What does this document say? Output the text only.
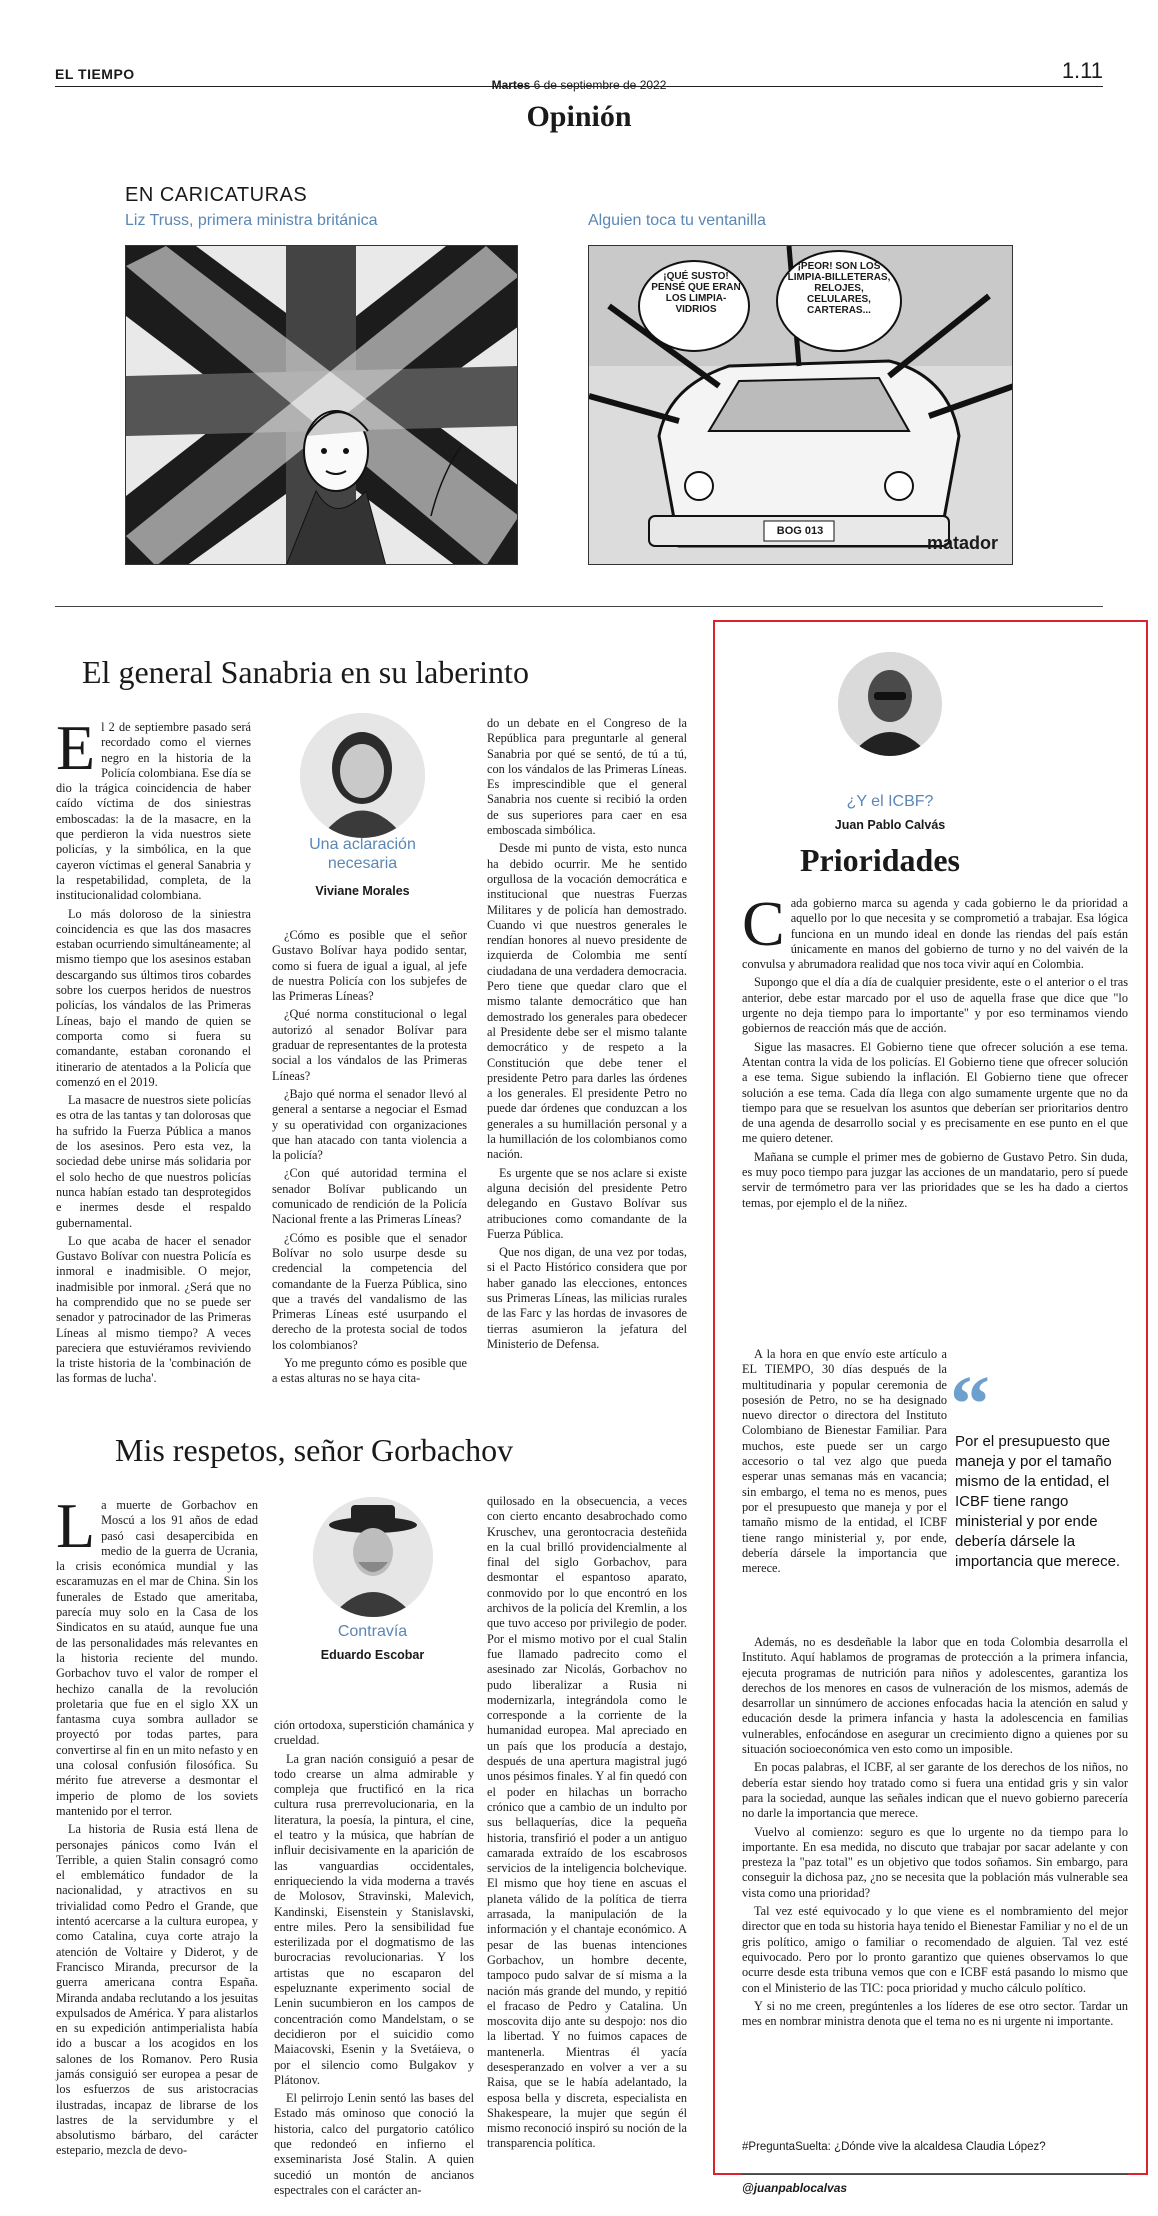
EL TIEMPO
Martes 6 de septiembre de 2022
1.11
Opinión
EN CARICATURAS
Liz Truss, primera ministra británica	Alguien toca tu ventanilla
¡QUÉ SUSTO! PENSÉ QUE ERAN LOS LIMPIA-VIDRIOS
¡PEOR! SON LOS LIMPIA-BILLETERAS, RELOJES, CELULARES, CARTERAS...
BOG 013
matador
El general Sanabria en su laberinto

El 2 de septiembre pasado será recordado como el viernes negro en la historia de la Policía colombiana. Ese día se dio la trágica coincidencia de haber caído víctima de dos siniestras emboscadas: la de la masacre, en la que perdieron la vida nuestros siete policías, y la simbólica, en la que cayeron víctimas el general Sanabria y la respetabilidad, completa, de la institucionalidad colombiana.

Lo más doloroso de la siniestra coincidencia es que las dos masacres estaban ocurriendo simultáneamente; al mismo tiempo que los asesinos estaban descargando sus últimos tiros cobardes sobre los cuerpos heridos de nuestros policías, los vándalos de las Primeras Líneas, bajo el mando de quien se comporta como si fuera su comandante, estaban coronando el itinerario de atentados a la Policía que comenzó en el 2019.

La masacre de nuestros siete policías es otra de las tantas y tan dolorosas que ha sufrido la Fuerza Pública a manos de los asesinos. Pero esta vez, la sociedad debe unirse más solidaria por el solo hecho de que nuestros policías nunca habían estado tan desprotegidos e inermes desde el respaldo gubernamental.

Lo que acaba de hacer el senador Gustavo Bolívar con nuestra Policía es inmoral e inadmisible. O mejor, inadmisible por inmoral. ¿Será que no ha comprendido que no se puede ser senador y patrocinador de las Primeras Líneas al mismo tiempo? A veces pareciera que estuviéramos reviviendo la triste historia de la 'combinación de las formas de lucha'.

Una aclaración necesaria
Viviane Morales

¿Cómo es posible que el señor Gustavo Bolívar haya podido sentar, como si fuera de igual a igual, al jefe de nuestra Policía con los subjefes de las Primeras Líneas?

¿Qué norma constitucional o legal autorizó al senador Bolívar para graduar de representantes de la protesta social a los vándalos de las Primeras Líneas?

¿Bajo qué norma el senador llevó al general a sentarse a negociar el Esmad y su operatividad con organizaciones que han atacado con tanta violencia a la policía?

¿Con qué autoridad termina el senador Bolívar publicando un comunicado de rendición de la Policía Nacional frente a las Primeras Líneas?

¿Cómo es posible que el senador Bolívar no solo usurpe desde su credencial la competencia del comandante de la Fuerza Pública, sino que a través del vandalismo de las Primeras Líneas esté usurpando el derecho de la protesta social de todos los colombianos?

Yo me pregunto cómo es posible que a estas alturas no se haya cita-

do un debate en el Congreso de la República para preguntarle al general Sanabria por qué se sentó, de tú a tú, con los vándalos de las Primeras Líneas. Es imprescindible que el general Sanabria nos cuente si recibió la orden de sus superiores para caer en esa emboscada simbólica.

Desde mi punto de vista, esto nunca ha debido ocurrir. Me he sentido orgullosa de la vocación democrática e institucional que nuestras Fuerzas Militares y de policía han demostrado. Cuando vi que nuestros generales le rendían honores al nuevo presidente de izquierda de Colombia me sentí ciudadana de una verdadera democracia. Pero tiene que quedar claro que el mismo talante democrático que han demostrado los generales para obedecer al Presidente debe ser el mismo talante democrático y de respeto a la Constitución que debe tener el presidente Petro para darles las órdenes a los generales. El presidente Petro no puede dar órdenes que conduzcan a los generales a su humillación personal y a la humillación de los colombianos como nación.

Es urgente que se nos aclare si existe alguna decisión del presidente Petro delegando en Gustavo Bolívar sus atribuciones como comandante de la Fuerza Pública.

Que nos digan, de una vez por todas, si el Pacto Histórico considera que por haber ganado las elecciones, entonces sus Primeras Líneas, las milicias rurales de las Farc y las hordas de invasores de tierras asumieron la jefatura del Ministerio de Defensa.

Mis respetos, señor Gorbachov

La muerte de Gorbachov en Moscú a los 91 años de edad pasó casi desapercibida en medio de la guerra de Ucrania, la crisis económica mundial y las escaramuzas en el mar de China. Sin los funerales de Estado que ameritaba, parecía muy solo en la Casa de los Sindicatos en su ataúd, aunque fue una de las personalidades más relevantes en la historia reciente del mundo. Gorbachov tuvo el valor de romper el hechizo canalla de la revolución proletaria que fue en el siglo XX un fantasma cuya sombra aullador se proyectó por todas partes, para convertirse al fin en un mito nefasto y en una colosal confusión filosófica. Su mérito fue atreverse a desmontar el imperio de plomo de los soviets mantenido por el terror.

La historia de Rusia está llena de personajes pánicos como Iván el Terrible, a quien Stalin consagró como el emblemático fundador de la nacionalidad, y atractivos en su trivialidad como Pedro el Grande, que intentó acercarse a la cultura europea, y como Catalina, cuya corte atrajo la atención de Voltaire y Diderot, y de Francisco Miranda, precursor de la guerra americana contra España. Miranda andaba reclutando a los jesuitas expulsados de América. Y para alistarlos en su expedición antimperialista había ido a buscar a los acogidos en los salones de los Romanov. Pero Rusia jamás consiguió ser europea a pesar de los esfuerzos de sus aristocracias ilustradas, incapaz de librarse de los lastres de la servidumbre y el absolutismo bárbaro, del carácter estepario, mezcla de devo-

Contravía
Eduardo Escobar

ción ortodoxa, superstición chamánica y crueldad.

La gran nación consiguió a pesar de todo crearse un alma admirable y compleja que fructificó en la rica cultura rusa prerrevolucionaria, en la literatura, la poesía, la pintura, el cine, el teatro y la música, que habrían de influir decisivamente en la aparición de las vanguardias occidentales, enriqueciendo la vida moderna a través de Molosov, Stravinski, Malevich, Kandinski, Eisenstein y Stanislavski, entre miles. Pero la sensibilidad fue esterilizada por el dogmatismo de las burocracias revolucionarias. Y los artistas que no escaparon del espeluznante experimento social de Lenin sucumbieron en los campos de concentración como Mandelstam, o se decidieron por el suicidio como Maiacovski, Esenin y la Svetáieva, o por el silencio como Bulgakov y Plátonov.

El pelirrojo Lenin sentó las bases del Estado más ominoso que conoció la historia, calco del purgatorio católico que redondeó en infierno el exseminarista José Stalin. A quien sucedió un montón de ancianos espectrales con el carácter an-

quilosado en la obsecuencia, a veces con cierto encanto desabrochado como Kruschev, una gerontocracia desteñida en la cual brilló providencialmente al final del siglo Gorbachov, para desmontar el espantoso aparato, conmovido por lo que encontró en los archivos de la policía del Kremlin, a los que tuvo acceso por privilegio de poder. Por el mismo motivo por el cual Stalin fue llamado padrecito como el asesinado zar Nicolás, Gorbachov no pudo liberalizar a Rusia ni modernizarla, integrándola como le corresponde a la corriente de la humanidad europea. Mal apreciado en un país que los producía a destajo, después de una apertura magistral jugó unos pésimos finales. Y al fin quedó con el poder en hilachas un borracho crónico que a cambio de un indulto por sus bellaquerías, dice la pequeña historia, transfirió el poder a un antiguo camarada extraído de los escabrosos servicios de la inteligencia bolchevique. El mismo que hoy tiene en ascuas el planeta válido de la política de tierra arrasada, la manipulación de la información y el chantaje económico. A pesar de las buenas intenciones Gorbachov, un hombre decente, tampoco pudo salvar de sí misma a la nación más grande del mundo, y repitió el fracaso de Pedro y Catalina. Un moscovita dijo ante su despojo: nos dio la libertad. Y no fuimos capaces de mantenerla. Mientras él yacía desesperanzado en volver a ver a su Raisa, que se le había adelantado, la esposa bella y discreta, especialista en Shakespeare, la mujer que según él mismo reconoció inspiró su noción de la transparencia política.

¿Y el ICBF?
Juan Pablo Calvás
Prioridades

Cada gobierno marca su agenda y cada gobierno le da prioridad a aquello por lo que necesita y se comprometió a trabajar. Esa lógica funciona en un mundo ideal en donde las riendas del país están únicamente en manos del gobierno de turno y no del vaivén de la convulsa y abrumadora realidad que nos toca vivir aquí en Colombia.

Supongo que el día a día de cualquier presidente, este o el anterior o el tras anterior, debe estar marcado por el uso de aquella frase que dice que "lo urgente no deja tiempo para lo importante" y por eso terminamos viendo gobiernos de reacción más que de acción.

Sigue las masacres. El Gobierno tiene que ofrecer solución a ese tema. Atentan contra la vida de los policías. El Gobierno tiene que ofrecer solución a ese tema. Sigue subiendo la inflación. El Gobierno tiene que ofrecer solución a ese tema. Cada día llega con algo sumamente urgente que no da tiempo para que se resuelvan los asuntos que deberían ser prioritarios dentro de una agenda de desarrollo social y es precisamente en ese punto en el que me quiero detener.

Mañana se cumple el primer mes de gobierno de Gustavo Petro. Sin duda, es muy poco tiempo para juzgar las acciones de un mandatario, pero sí puede servir de termómetro para ver las prioridades que se les ha dado a ciertos temas, por ejemplo el de la niñez.

A la hora en que envío este artículo a EL TIEMPO, 30 días después de la multitudinaria y popular ceremonia de posesión de Petro, no se ha designado nuevo director o directora del Instituto Colombiano de Bienestar Familiar. Para muchos, este puede ser un cargo accesorio o tal vez algo que pueda esperar unas semanas más en vacancia; sin embargo, el tema no es menos, pues por el presupuesto que maneja y por el tamaño mismo de la entidad, el ICBF tiene rango ministerial y, por ende, debería dársele la importancia que merece.

“
Por el presupuesto que maneja y por el tamaño mismo de la entidad, el ICBF tiene rango ministerial y por ende debería dársele la importancia que merece.

Además, no es desdeñable la labor que en toda Colombia desarrolla el Instituto. Aquí hablamos de programas de protección a la primera infancia, ejecuta programas de nutrición para niños y adolescentes, garantiza los derechos de los menores en casos de vulneración de los mismos, además de desarrollar un sinnúmero de acciones enfocadas hacia la atención en salud y educación desde la primera infancia y hasta la adolescencia en familias vulnerables, enfocándose en asegurar un crecimiento digno a quienes por su situación socioeconómica ven esto como un imposible.

En pocas palabras, el ICBF, al ser garante de los derechos de los niños, no debería estar siendo hoy tratado como si fuera una entidad gris y sin valor para la sociedad, aunque las señales indican que el nuevo gobierno parecería no darle la importancia que merece.

Vuelvo al comienzo: seguro es que lo urgente no da tiempo para lo importante. En esa medida, no discuto que trabajar por sacar adelante y con presteza la "paz total" es un objetivo que todos soñamos. Sin embargo, para conseguir la dichosa paz, ¿no se necesita que la población más vulnerable sea vista como una prioridad?

Tal vez esté equivocado y lo que viene es el nombramiento del mejor director que en toda su historia haya tenido el Bienestar Familiar y no el de un gris político, amigo o familiar o recomendado de alguien. Tal vez esté equivocado. Pero por lo pronto garantizo que quienes observamos lo que ocurre desde esta tribuna vemos que con e ICBF está pasando lo mismo que con el Ministerio de las TIC: poca prioridad y mucho cálculo político.

Y si no me creen, pregúntenles a los líderes de ese otro sector. Tardar un mes en nombrar ministra denota que el tema no es ni urgente ni importante.

#PreguntaSuelta: ¿Dónde vive la alcaldesa Claudia López?
@juanpablocalvas
